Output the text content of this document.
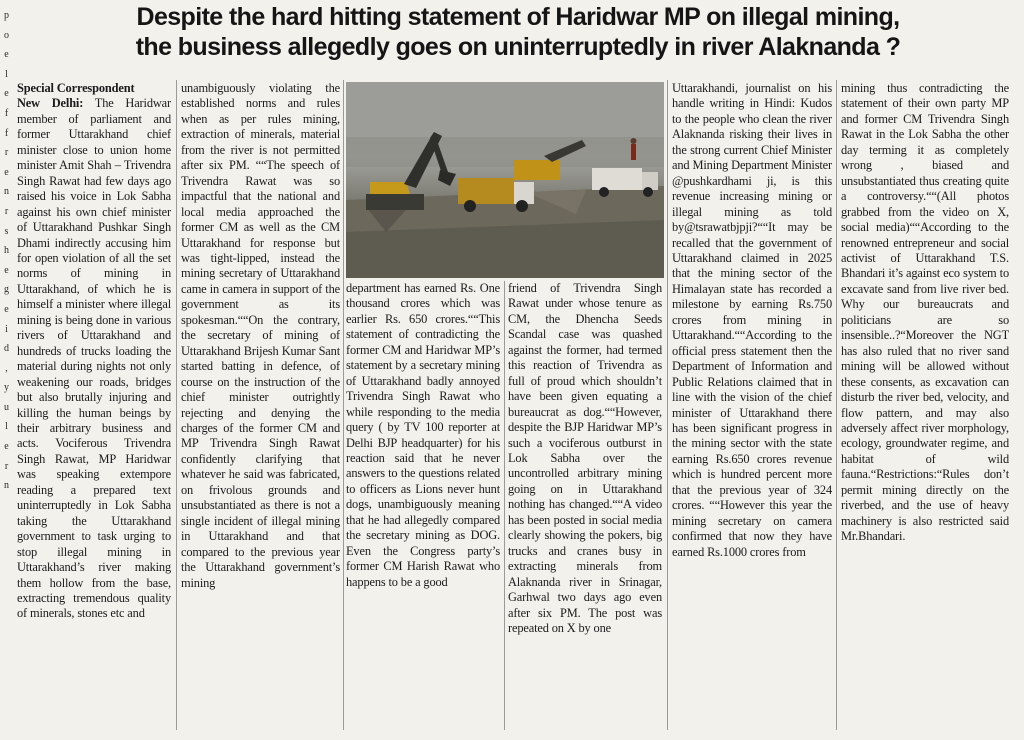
p
o
e
l
e
f
f
r
e
n
r
s
h
e
g
e
i
d
,
y
u
l
e
r
n
Despite the hard hitting statement of Haridwar MP on illegal mining,
the business allegedly goes on uninterruptedly in river Alaknanda ?

Special Correspondent

New Delhi: The Haridwar member of parliament and former Uttarakhand chief minister close to union home minister Amit Shah – Trivendra Singh Rawat had few days ago raised his voice in Lok Sabha against his own chief minister of Uttarakhand Pushkar Singh Dhami indirectly accusing him for open violation of all the set norms of mining in Uttarakhand, of which he is himself a minister where illegal mining is being done in various rivers of Uttarakhand and hundreds of trucks loading the material during nights not only weakening our roads, bridges but also brutally injuring and killing the human beings by their arbitrary business and acts. Vociferous Trivendra Singh Rawat, MP Haridwar was speaking extempore reading a prepared text uninterruptedly in Lok Sabha taking the Uttarakhand government to task urging to stop illegal mining in Uttarakhand’s river making them hollow from the base, extracting tremendous quality of minerals, stones etc and

unambiguously violating the established norms and rules when as per rules mining, extraction of minerals, material from the river is not permitted after six PM. ““The speech of Trivendra Rawat was so impactful that the national and local media approached the former CM as well as the CM Uttarakhand for response but was tight-lipped, instead the mining secretary of Uttarakhand came in camera in support of the government as its spokesman.““On the contrary, the secretary of mining of Uttarakhand Brijesh Kumar Sant started batting in defence, of course on the instruction of the chief minister outrightly rejecting and denying the charges of the former CM and MP Trivendra Singh Rawat confidently clarifying that whatever he said was fabricated, on frivolous grounds and unsubstantiated as there is not a single incident of illegal mining in Uttarakhand and that compared to the previous year the Uttarakhand government’s mining

department has earned Rs. One thousand crores which was earlier Rs. 650 crores.““This statement of contradicting the former CM and Haridwar MP’s statement by a secretary mining of Uttarakhand badly annoyed Trivendra Singh Rawat who while responding to the media query ( by TV 100 reporter at Delhi BJP headquarter) for his reaction said that he never answers to the questions related to officers as Lions never hunt dogs, unambiguously meaning that he had allegedly compared the secretary mining as DOG. Even the Congress party’s former CM Harish Rawat who happens to be a good

friend of Trivendra Singh Rawat under whose tenure as CM, the Dhencha Seeds Scandal case was quashed against the former, had termed this reaction of Trivendra as full of proud which shouldn’t have been given equating a bureaucrat as dog.““However, despite the BJP Haridwar MP’s such a vociferous outburst in Lok Sabha over the uncontrolled arbitrary mining going on in Uttarakhand nothing has changed.““A video has been posted in social media clearly showing the pokers, big trucks and cranes busy in extracting minerals from Alaknanda river in Srinagar, Garhwal two days ago even after six PM. The post was repeated on X by one

Uttarakhandi, journalist on his handle writing in Hindi: Kudos to the people who clean the river Alaknanda risking their lives in the strong current Chief Minister and Mining Department Minister @pushkardhami ji, is this revenue increasing mining or illegal mining as told by@tsrawatbjpji?““It may be recalled that the government of Uttarakhand claimed in 2025 that the mining sector of the Himalayan state has recorded a milestone by earning Rs.750 crores from mining in Uttarakhand.““According to the official press statement then the Department of Information and Public Relations claimed that in line with the vision of the chief minister of Uttarakhand there has been significant progress in the mining sector with the state earning Rs.650 crores revenue which is hundred percent more that the previous year of 324 crores. ““However this year the mining secretary on camera confirmed that now they have earned Rs.1000 crores from

mining thus contradicting the statement of their own party MP and former CM Trivendra Singh Rawat in the Lok Sabha the other day terming it as completely wrong , biased and unsubstantiated thus creating quite a controversy.““(All photos grabbed from the video on X, social media)““According to the renowned entrepreneur and social activist of Uttarakhand T.S. Bhandari it’s against eco system to excavate sand from live river bed. Why our bureaucrats and politicians are so insensible..?“Moreover the NGT has also ruled that no river sand mining will be allowed without these consents, as excavation can disturb the river bed, velocity, and flow pattern, and may also adversely affect river morphology, ecology, groundwater regime, and habitat of wild fauna.“Restrictions:“Rules don’t permit mining directly on the riverbed, and the use of heavy machinery is also restricted said Mr.Bhandari.
